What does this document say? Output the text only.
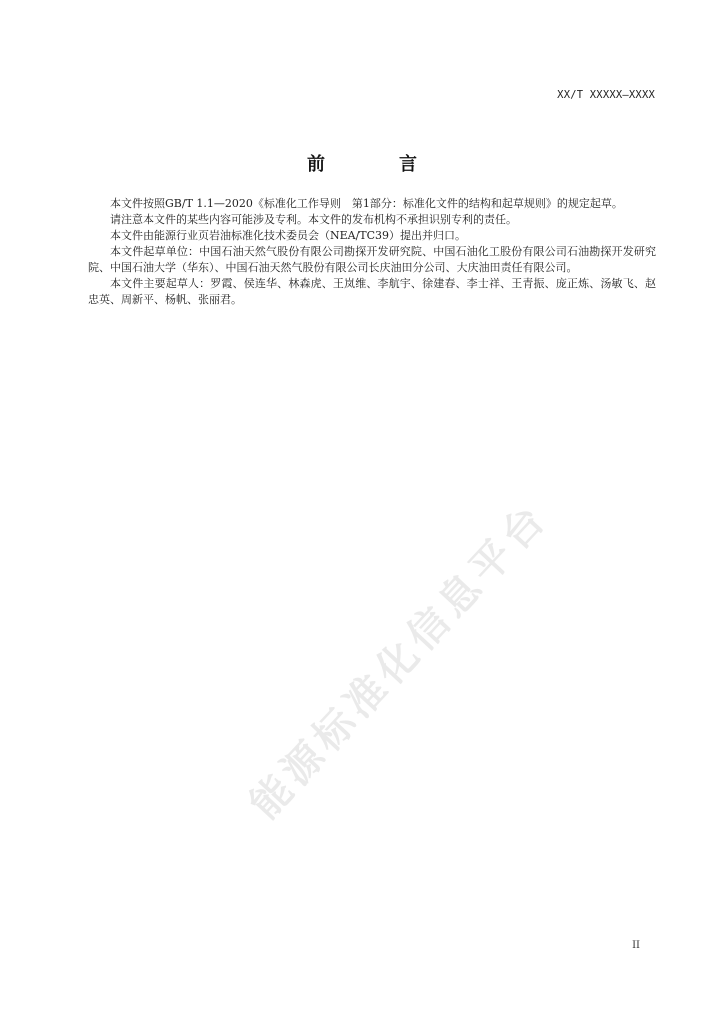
XX/T XXXXX—XXXX
前　言

本文件按照GB/T 1.1—2020《标准化工作导则　第1部分：标准化文件的结构和起草规则》的规定起草。

请注意本文件的某些内容可能涉及专利。本文件的发布机构不承担识别专利的责任。

本文件由能源行业页岩油标准化技术委员会（NEA/TC39）提出并归口。

本文件起草单位：中国石油天然气股份有限公司勘探开发研究院、中国石油化工股份有限公司石油勘探开发研究院、中国石油大学（华东）、中国石油天然气股份有限公司长庆油田分公司、大庆油田责任有限公司。

本文件主要起草人：罗霞、侯连华、林森虎、王岚维、李航宇、徐建春、李士祥、王青振、庞正炼、汤敏飞、赵忠英、周新平、杨帆、张丽君。

能源标准化信息平台
II
